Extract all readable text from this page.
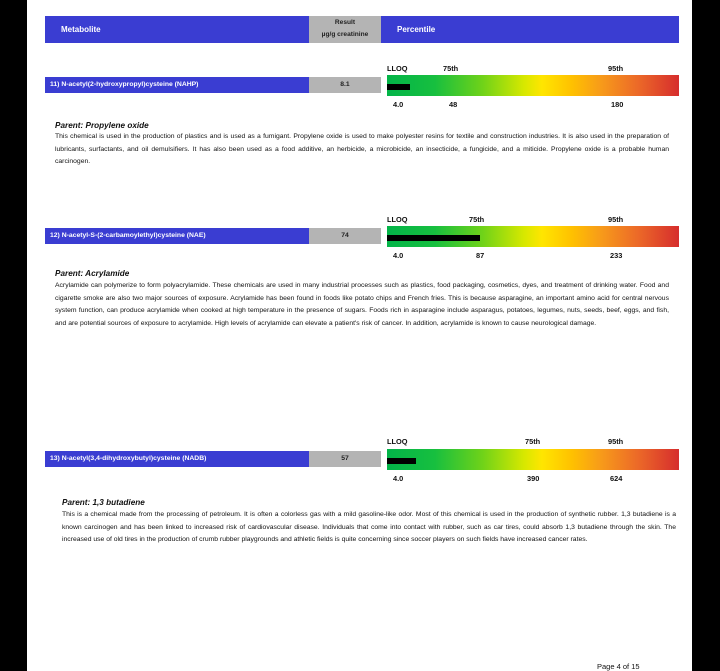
Metabolite
Result
µg/g creatinine
Percentile
LLOQ	75th	95th
11) N-acetyl(2-hydroxypropyl)cysteine (NAHP)	8.1
4.0	48	180
Parent: Propylene oxide
This chemical is used in the production of plastics and is used as a fumigant. Propylene oxide is used to make polyester resins for textile and construction industries. It is also used in the preparation of lubricants, surfactants, and oil demulsifiers. It has also been used as a food additive, an herbicide, a microbicide, an insecticide, a fungicide, and a miticide. Propylene oxide is a probable human carcinogen.
LLOQ	75th	95th
12) N-acetyl-S-(2-carbamoylethyl)cysteine (NAE)	74
4.0	87	233
Parent: Acrylamide
Acrylamide can polymerize to form polyacrylamide. These chemicals are used in many industrial processes such as plastics, food packaging, cosmetics, dyes, and treatment of drinking water. Food and cigarette smoke are also two major sources of exposure. Acrylamide has been found in foods like potato chips and French fries. This is because asparagine, an important amino acid for central nervous system function, can produce acrylamide when cooked at high temperature in the presence of sugars. Foods rich in asparagine include asparagus, potatoes, legumes, nuts, seeds, beef, eggs, and fish, and are potential sources of exposure to acrylamide. High levels of acrylamide can elevate a patient's risk of cancer. In addition, acrylamide is known to cause neurological damage.
LLOQ	75th	95th
13) N-acetyl(3,4-dihydroxybutyl)cysteine (NADB)	57
4.0	390	624
Parent: 1,3 butadiene
This is a chemical made from the processing of petroleum. It is often a colorless gas with a mild gasoline-like odor. Most of this chemical is used in the production of synthetic rubber. 1,3 butadiene is a known carcinogen and has been linked to increased risk of cardiovascular disease. Individuals that come into contact with rubber, such as car tires, could absorb 1,3 butadiene through the skin. The increased use of old tires in the production of crumb rubber playgrounds and athletic fields is quite concerning since soccer players on such fields have increased cancer rates.
Page 4 of 15
